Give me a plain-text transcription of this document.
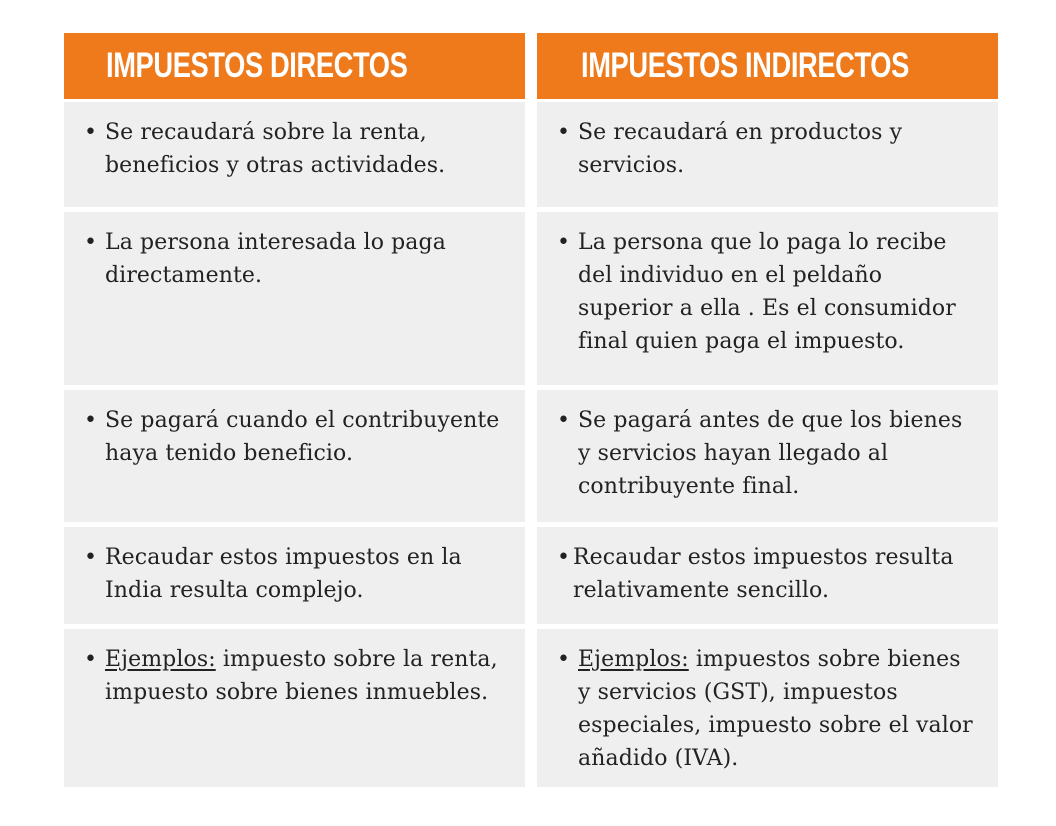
IMPUESTOS DIRECTOS	IMPUESTOS INDIRECTOS
• Se recaudará sobre la renta, beneficios y otras actividades.
• Se recaudará en productos y servicios.
• La persona interesada lo paga directamente.
• La persona que lo paga lo recibe del individuo en el peldaño superior a ella . Es el consumidor final quien paga el impuesto.
• Se pagará cuando el contribuyente haya tenido beneficio.
• Se pagará antes de que los bienes y servicios hayan llegado al contribuyente final.
• Recaudar estos impuestos en la India resulta complejo.
• Recaudar estos impuestos resulta relativamente sencillo.
• Ejemplos: impuesto sobre la renta, impuesto sobre bienes inmuebles.
• Ejemplos: impuestos sobre bienes y servicios (GST), impuestos especiales, impuesto sobre el valor añadido (IVA).
